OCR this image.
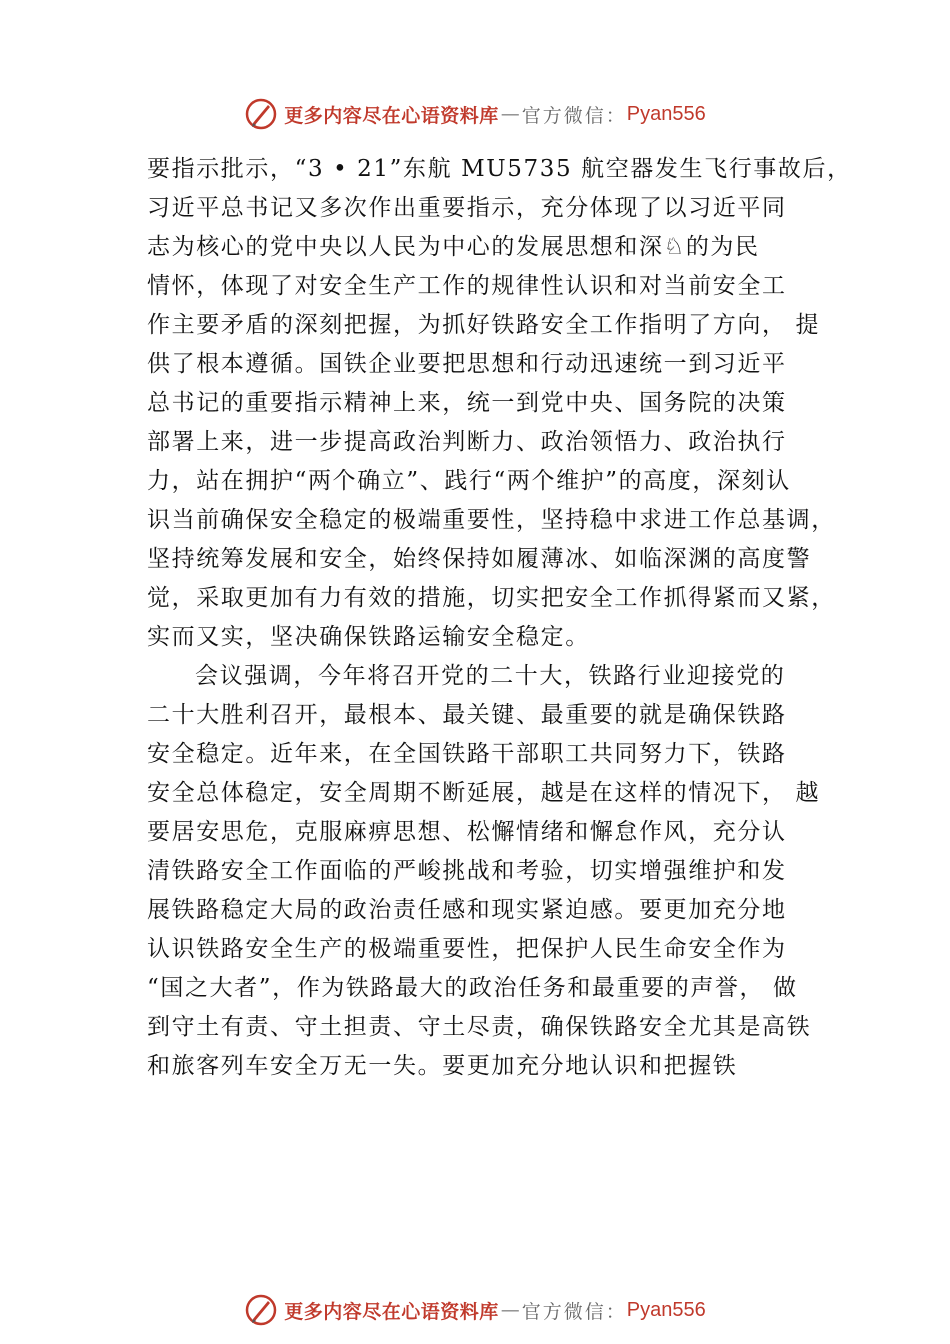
更多内容尽在心语资料库 — 官方微信： Pyan556
要指示批示，“3 • 21”东航 MU5735 航空器发生飞行事故后，
习近平总书记又多次作出重要指示，充分体现了以习近平同
志为核心的党中央以人民为中心的发展思想和深♘的为民
情怀，体现了对安全生产工作的规律性认识和对当前安全工
作主要矛盾的深刻把握，为抓好铁路安全工作指明了方向， 提
供了根本遵循。国铁企业要把思想和行动迅速统一到习近平
总书记的重要指示精神上来，统一到党中央、国务院的决策
部署上来，进一步提高政治判断力、政治领悟力、政治执行
力，站在拥护“两个确立”、践行“两个维护”的高度，深刻认
识当前确保安全稳定的极端重要性，坚持稳中求进工作总基调，
坚持统筹发展和安全，始终保持如履薄冰、如临深渊的高度警
觉，采取更加有力有效的措施，切实把安全工作抓得紧而又紧，
实而又实，坚决确保铁路运输安全稳定。
会议强调，今年将召开党的二十大，铁路行业迎接党的
二十大胜利召开，最根本、最关键、最重要的就是确保铁路
安全稳定。近年来，在全国铁路干部职工共同努力下，铁路
安全总体稳定，安全周期不断延展，越是在这样的情况下， 越
要居安思危，克服麻痹思想、松懈情绪和懈怠作风，充分认
清铁路安全工作面临的严峻挑战和考验，切实增强维护和发
展铁路稳定大局的政治责任感和现实紧迫感。要更加充分地
认识铁路安全生产的极端重要性，把保护人民生命安全作为
“国之大者”，作为铁路最大的政治任务和最重要的声誉， 做
到守土有责、守土担责、守土尽责，确保铁路安全尤其是高铁
和旅客列车安全万无一失。要更加充分地认识和把握铁
更多内容尽在心语资料库 — 官方微信： Pyan556
